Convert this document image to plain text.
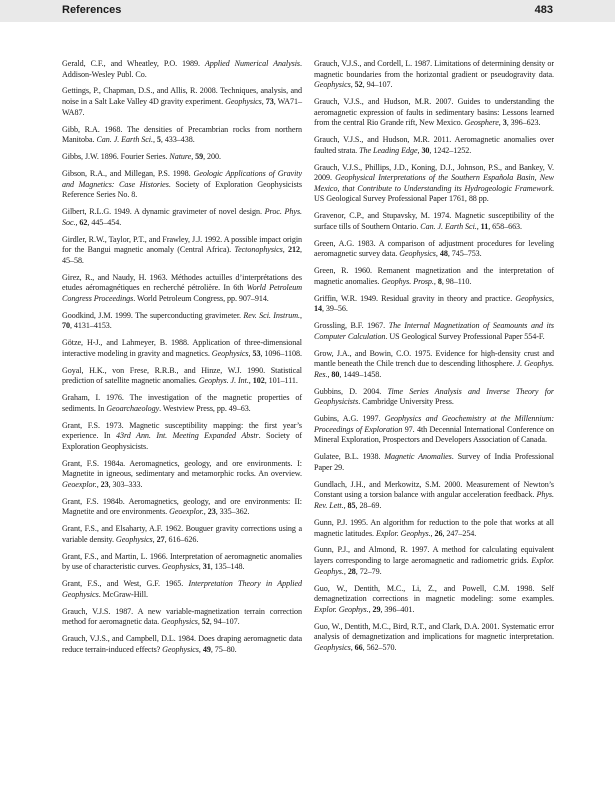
References	483

Gerald, C.F., and Wheatley, P.O. 1989. Applied Numerical Analysis. Addison-Wesley Publ. Co.

Gettings, P., Chapman, D.S., and Allis, R. 2008. Techniques, analysis, and noise in a Salt Lake Valley 4D gravity experiment. Geophysics, 73, WA71–WA87.

Gibb, R.A. 1968. The densities of Precambrian rocks from northern Manitoba. Can. J. Earth Sci., 5, 433–438.

Gibbs, J.W. 1896. Fourier Series. Nature, 59, 200.

Gibson, R.A., and Millegan, P.S. 1998. Geologic Applications of Gravity and Magnetics: Case Histories. Society of Exploration Geophysicists Reference Series No. 8.

Gilbert, R.L.G. 1949. A dynamic gravimeter of novel design. Proc. Phys. Soc., 62, 445–454.

Girdler, R.W., Taylor, P.T., and Frawley, J.J. 1992. A possible impact origin for the Bangui magnetic anomaly (Central Africa). Tectonophysics, 212, 45–58.

Girez, R., and Naudy, H. 1963. Méthodes actuilles d’interprétations des etudes aéromagnétiques en recherché pétrolière. In 6th World Petroleum Congress Proceedings. World Petroleum Congress, pp. 907–914.

Goodkind, J.M. 1999. The superconducting gravimeter. Rev. Sci. Instrum., 70, 4131–4153.

Götze, H-J., and Lahmeyer, B. 1988. Application of three-dimensional interactive modeling in gravity and magnetics. Geophysics, 53, 1096–1108.

Goyal, H.K., von Frese, R.R.B., and Hinze, W.J. 1990. Statistical prediction of satellite magnetic anomalies. Geophys. J. Int., 102, 101–111.

Graham, I. 1976. The investigation of the magnetic properties of sediments. In Geoarchaeology. Westview Press, pp. 49–63.

Grant, F.S. 1973. Magnetic susceptibility mapping: the first year’s experience. In 43rd Ann. Int. Meeting Expanded Abstr. Society of Exploration Geophysicists.

Grant, F.S. 1984a. Aeromagnetics, geology, and ore environments. I: Magnetite in igneous, sedimentary and metamorphic rocks. An overview. Geoexplor., 23, 303–333.

Grant, F.S. 1984b. Aeromagnetics, geology, and ore environments: II: Magnetite and ore environments. Geoexplor., 23, 335–362.

Grant, F.S., and Elsaharty, A.F. 1962. Bouguer gravity corrections using a variable density. Geophysics, 27, 616–626.

Grant, F.S., and Martin, L. 1966. Interpretation of aeromagnetic anomalies by use of characteristic curves. Geophysics, 31, 135–148.

Grant, F.S., and West, G.F. 1965. Interpretation Theory in Applied Geophysics. McGraw-Hill.

Grauch, V.J.S. 1987. A new variable-magnetization terrain correction method for aeromagnetic data. Geophysics, 52, 94–107.

Grauch, V.J.S., and Campbell, D.L. 1984. Does draping aeromagnetic data reduce terrain-induced effects? Geophysics, 49, 75–80.

Grauch, V.J.S., and Cordell, L. 1987. Limitations of determining density or magnetic boundaries from the horizontal gradient or pseudogravity data. Geophysics, 52, 94–107.

Grauch, V.J.S., and Hudson, M.R. 2007. Guides to understanding the aeromagnetic expression of faults in sedimentary basins: Lessons learned from the central Rio Grande rift, New Mexico. Geosphere, 3, 396–623.

Grauch, V.J.S., and Hudson, M.R. 2011. Aeromagnetic anomalies over faulted strata. The Leading Edge, 30, 1242–1252.

Grauch, V.J.S., Phillips, J.D., Koning, D.J., Johnson, P.S., and Bankey, V. 2009. Geophysical Interpretations of the Southern Española Basin, New Mexico, that Contribute to Understanding its Hydrogeologic Framework. US Geological Survey Professional Paper 1761, 88 pp.

Gravenor, C.P., and Stupavsky, M. 1974. Magnetic susceptibility of the surface tills of Southern Ontario. Can. J. Earth Sci., 11, 658–663.

Green, A.G. 1983. A comparison of adjustment procedures for leveling aeromagnetic survey data. Geophysics, 48, 745–753.

Green, R. 1960. Remanent magnetization and the interpretation of magnetic anomalies. Geophys. Prosp., 8, 98–110.

Griffin, W.R. 1949. Residual gravity in theory and practice. Geophysics, 14, 39–56.

Grossling, B.F. 1967. The Internal Magnetization of Seamounts and its Computer Calculation. US Geological Survey Professional Paper 554-F.

Grow, J.A., and Bowin, C.O. 1975. Evidence for high-density crust and mantle beneath the Chile trench due to descending lithosphere. J. Geophys. Res., 80, 1449–1458.

Gubbins, D. 2004. Time Series Analysis and Inverse Theory for Geophysicists. Cambridge University Press.

Gubins, A.G. 1997. Geophysics and Geochemistry at the Millennium: Proceedings of Exploration 97. 4th Decennial International Conference on Mineral Exploration, Prospectors and Developers Association of Canada.

Gulatee, B.L. 1938. Magnetic Anomalies. Survey of India Professional Paper 29.

Gundlach, J.H., and Merkowitz, S.M. 2000. Measurement of Newton’s Constant using a torsion balance with angular acceleration feedback. Phys. Rev. Lett., 85, 28–69.

Gunn, P.J. 1995. An algorithm for reduction to the pole that works at all magnetic latitudes. Explor. Geophys., 26, 247–254.

Gunn, P.J., and Almond, R. 1997. A method for calculating equivalent layers corresponding to large aeromagnetic and radiometric grids. Explor. Geophys., 28, 72–79.

Guo, W., Dentith, M.C., Li, Z., and Powell, C.M. 1998. Self demagnetization corrections in magnetic modeling: some examples. Explor. Geophys., 29, 396–401.

Guo, W., Dentith, M.C., Bird, R.T., and Clark, D.A. 2001. Systematic error analysis of demagnetization and implications for magnetic interpretation. Geophysics, 66, 562–570.
